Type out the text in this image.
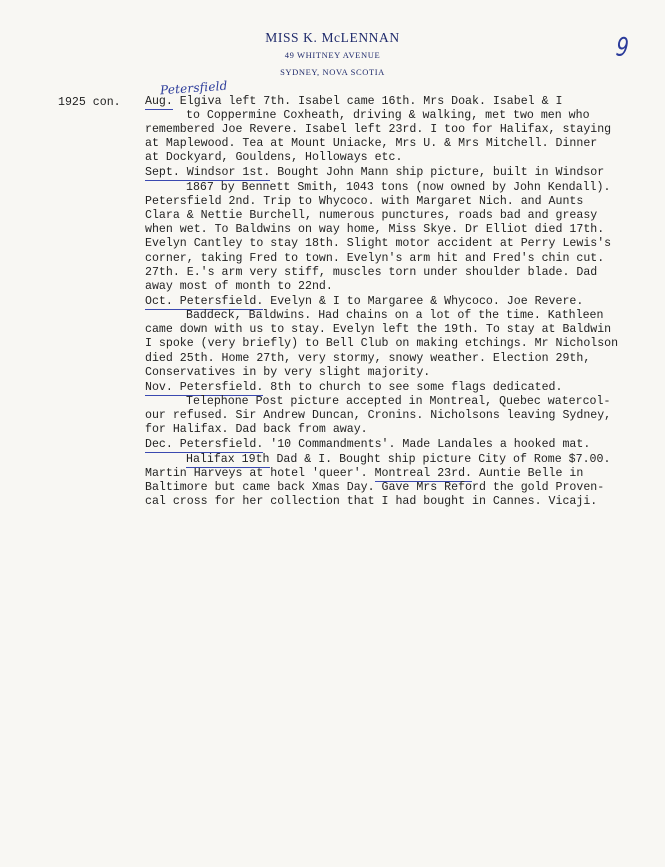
MISS K. McLENNAN
49 WHITNEY AVENUE
SYDNEY, NOVA SCOTIA
9
Petersfield
1925 con. Aug. Elgiva left 7th. Isabel came 16th. Mrs Doak. Isabel & I
to Coppermine Coxheath, driving & walking, met two men who
remembered Joe Revere. Isabel left 23rd. I too for Halifax, staying
at Maplewood. Tea at Mount Uniacke, Mrs U. & Mrs Mitchell. Dinner
at Dockyard, Gouldens, Holloways etc.
Sept. Windsor 1st. Bought John Mann ship picture, built in Windsor
1867 by Bennett Smith, 1043 tons (now owned by John Kendall).
Petersfield 2nd. Trip to Whycoco. with Margaret Nich. and Aunts
Clara & Nettie Burchell, numerous punctures, roads bad and greasy
when wet. To Baldwins on way home, Miss Skye. Dr Elliot died 17th.
Evelyn Cantley to stay 18th. Slight motor accident at Perry Lewis's
corner, taking Fred to town. Evelyn's arm hit and Fred's chin cut.
27th. E.'s arm very stiff, muscles torn under shoulder blade. Dad
away most of month to 22nd.
Oct. Petersfield. Evelyn & I to Margaree & Whycoco. Joe Revere.
Baddeck, Baldwins. Had chains on a lot of the time. Kathleen
came down with us to stay. Evelyn left the 19th. To stay at Baldwin
I spoke (very briefly) to Bell Club on making etchings. Mr Nicholson
died 25th. Home 27th, very stormy, snowy weather. Election 29th,
Conservatives in by very slight majority.
Nov. Petersfield. 8th to church to see some flags dedicated.
Telephone Post picture accepted in Montreal, Quebec watercol-
our refused. Sir Andrew Duncan, Cronins. Nicholsons leaving Sydney,
for Halifax. Dad back from away.
Dec. Petersfield. '10 Commandments'. Made Landales a hooked mat.
Halifax 19th Dad & I. Bought ship picture City of Rome $7.00.
Martin Harveys at hotel 'queer'. Montreal 23rd. Auntie Belle in
Baltimore but came back Xmas Day. Gave Mrs Reford the gold Proven-
cal cross for her collection that I had bought in Cannes. Vicaji.
